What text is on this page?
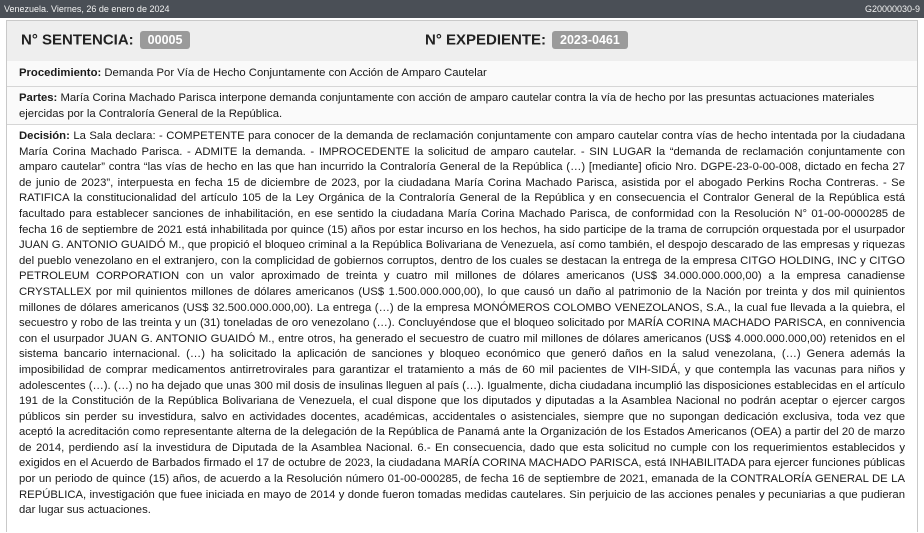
Venezuela. Viernes, 26 de enero de 2024	G20000030-9
N° SENTENCIA: 00005	N° EXPEDIENTE: 2023-0461
Procedimiento: Demanda Por Vía de Hecho Conjuntamente con Acción de Amparo Cautelar
Partes: María Corina Machado Parisca interpone demanda conjuntamente con acción de amparo cautelar contra la vía de hecho por las presuntas actuaciones materiales ejercidas por la Contraloría General de la República.
Decisión: La Sala declara: - COMPETENTE para conocer de la demanda de reclamación conjuntamente con amparo cautelar contra vías de hecho intentada por la ciudadana María Corina Machado Parisca. - ADMITE la demanda. - IMPROCEDENTE la solicitud de amparo cautelar. - SIN LUGAR la “demanda de reclamación conjuntamente con amparo cautelar” contra “las vías de hecho en las que han incurrido la Contraloría General de la República (…) [mediante] oficio Nro. DGPE-23-0-00-008, dictado en fecha 27 de junio de 2023”, interpuesta en fecha 15 de diciembre de 2023, por la ciudadana María Corina Machado Parisca, asistida por el abogado Perkins Rocha Contreras. - Se RATIFICA la constitucionalidad del artículo 105 de la Ley Orgánica de la Contraloría General de la República y en consecuencia el Contralor General de la República está facultado para establecer sanciones de inhabilitación, en ese sentido la ciudadana María Corina Machado Parisca, de conformidad con la Resolución N° 01-00-0000285 de fecha 16 de septiembre de 2021 está inhabilitada por quince (15) años por estar incurso en los hechos, ha sido participe de la trama de corrupción orquestada por el usurpador JUAN G. ANTONIO GUAIDÓ M., que propició el bloqueo criminal a la República Bolivariana de Venezuela, así como también, el despojo descarado de las empresas y riquezas del pueblo venezolano en el extranjero, con la complicidad de gobiernos corruptos, dentro de los cuales se destacan la entrega de la empresa CITGO HOLDING, INC y CITGO PETROLEUM CORPORATION con un valor aproximado de treinta y cuatro mil millones de dólares americanos (US$ 34.000.000.000,00) a la empresa canadiense CRYSTALLEX por mil quinientos millones de dólares americanos (US$ 1.500.000.000,00), lo que causó un daño al patrimonio de la Nación por treinta y dos mil quinientos millones de dólares americanos (US$ 32.500.000.000,00). La entrega (…) de la empresa MONÓMEROS COLOMBO VENEZOLANOS, S.A., la cual fue llevada a la quiebra, el secuestro y robo de las treinta y un (31) toneladas de oro venezolano (…). Concluyéndose que el bloqueo solicitado por MARÍA CORINA MACHADO PARISCA, en connivencia con el usurpador JUAN G. ANTONIO GUAIDÓ M., entre otros, ha generado el secuestro de cuatro mil millones de dólares americanos (US$ 4.000.000.000,00) retenidos en el sistema bancario internacional. (…) ha solicitado la aplicación de sanciones y bloqueo económico que generó daños en la salud venezolana, (…) Genera además la imposibilidad de comprar medicamentos antirretrovirales para garantizar el tratamiento a más de 60 mil pacientes de VIH-SIDÁ, y que contempla las vacunas para niños y adolescentes (…). (…) no ha dejado que unas 300 mil dosis de insulinas lleguen al país (…). Igualmente, dicha ciudadana incumplió las disposiciones establecidas en el artículo 191 de la Constitución de la República Bolivariana de Venezuela, el cual dispone que los diputados y diputadas a la Asamblea Nacional no podrán aceptar o ejercer cargos públicos sin perder su investidura, salvo en actividades docentes, académicas, accidentales o asistenciales, siempre que no supongan dedicación exclusiva, toda vez que aceptó la acreditación como representante alterna de la delegación de la República de Panamá ante la Organización de los Estados Americanos (OEA) a partir del 20 de marzo de 2014, perdiendo así la investidura de Diputada de la Asamblea Nacional. 6.- En consecuencia, dado que esta solicitud no cumple con los requerimientos establecidos y exigidos en el Acuerdo de Barbados firmado el 17 de octubre de 2023, la ciudadana MARÍA CORINA MACHADO PARISCA, está INHABILITADA para ejercer funciones públicas por un periodo de quince (15) años, de acuerdo a la Resolución número 01-00-000285, de fecha 16 de septiembre de 2021, emanada de la CONTRALORÍA GENERAL DE LA REPÚBLICA, investigación que fuee iniciada en mayo de 2014 y donde fueron tomadas medidas cautelares. Sin perjuicio de las acciones penales y pecuniarias a que pudieran dar lugar sus actuaciones.
